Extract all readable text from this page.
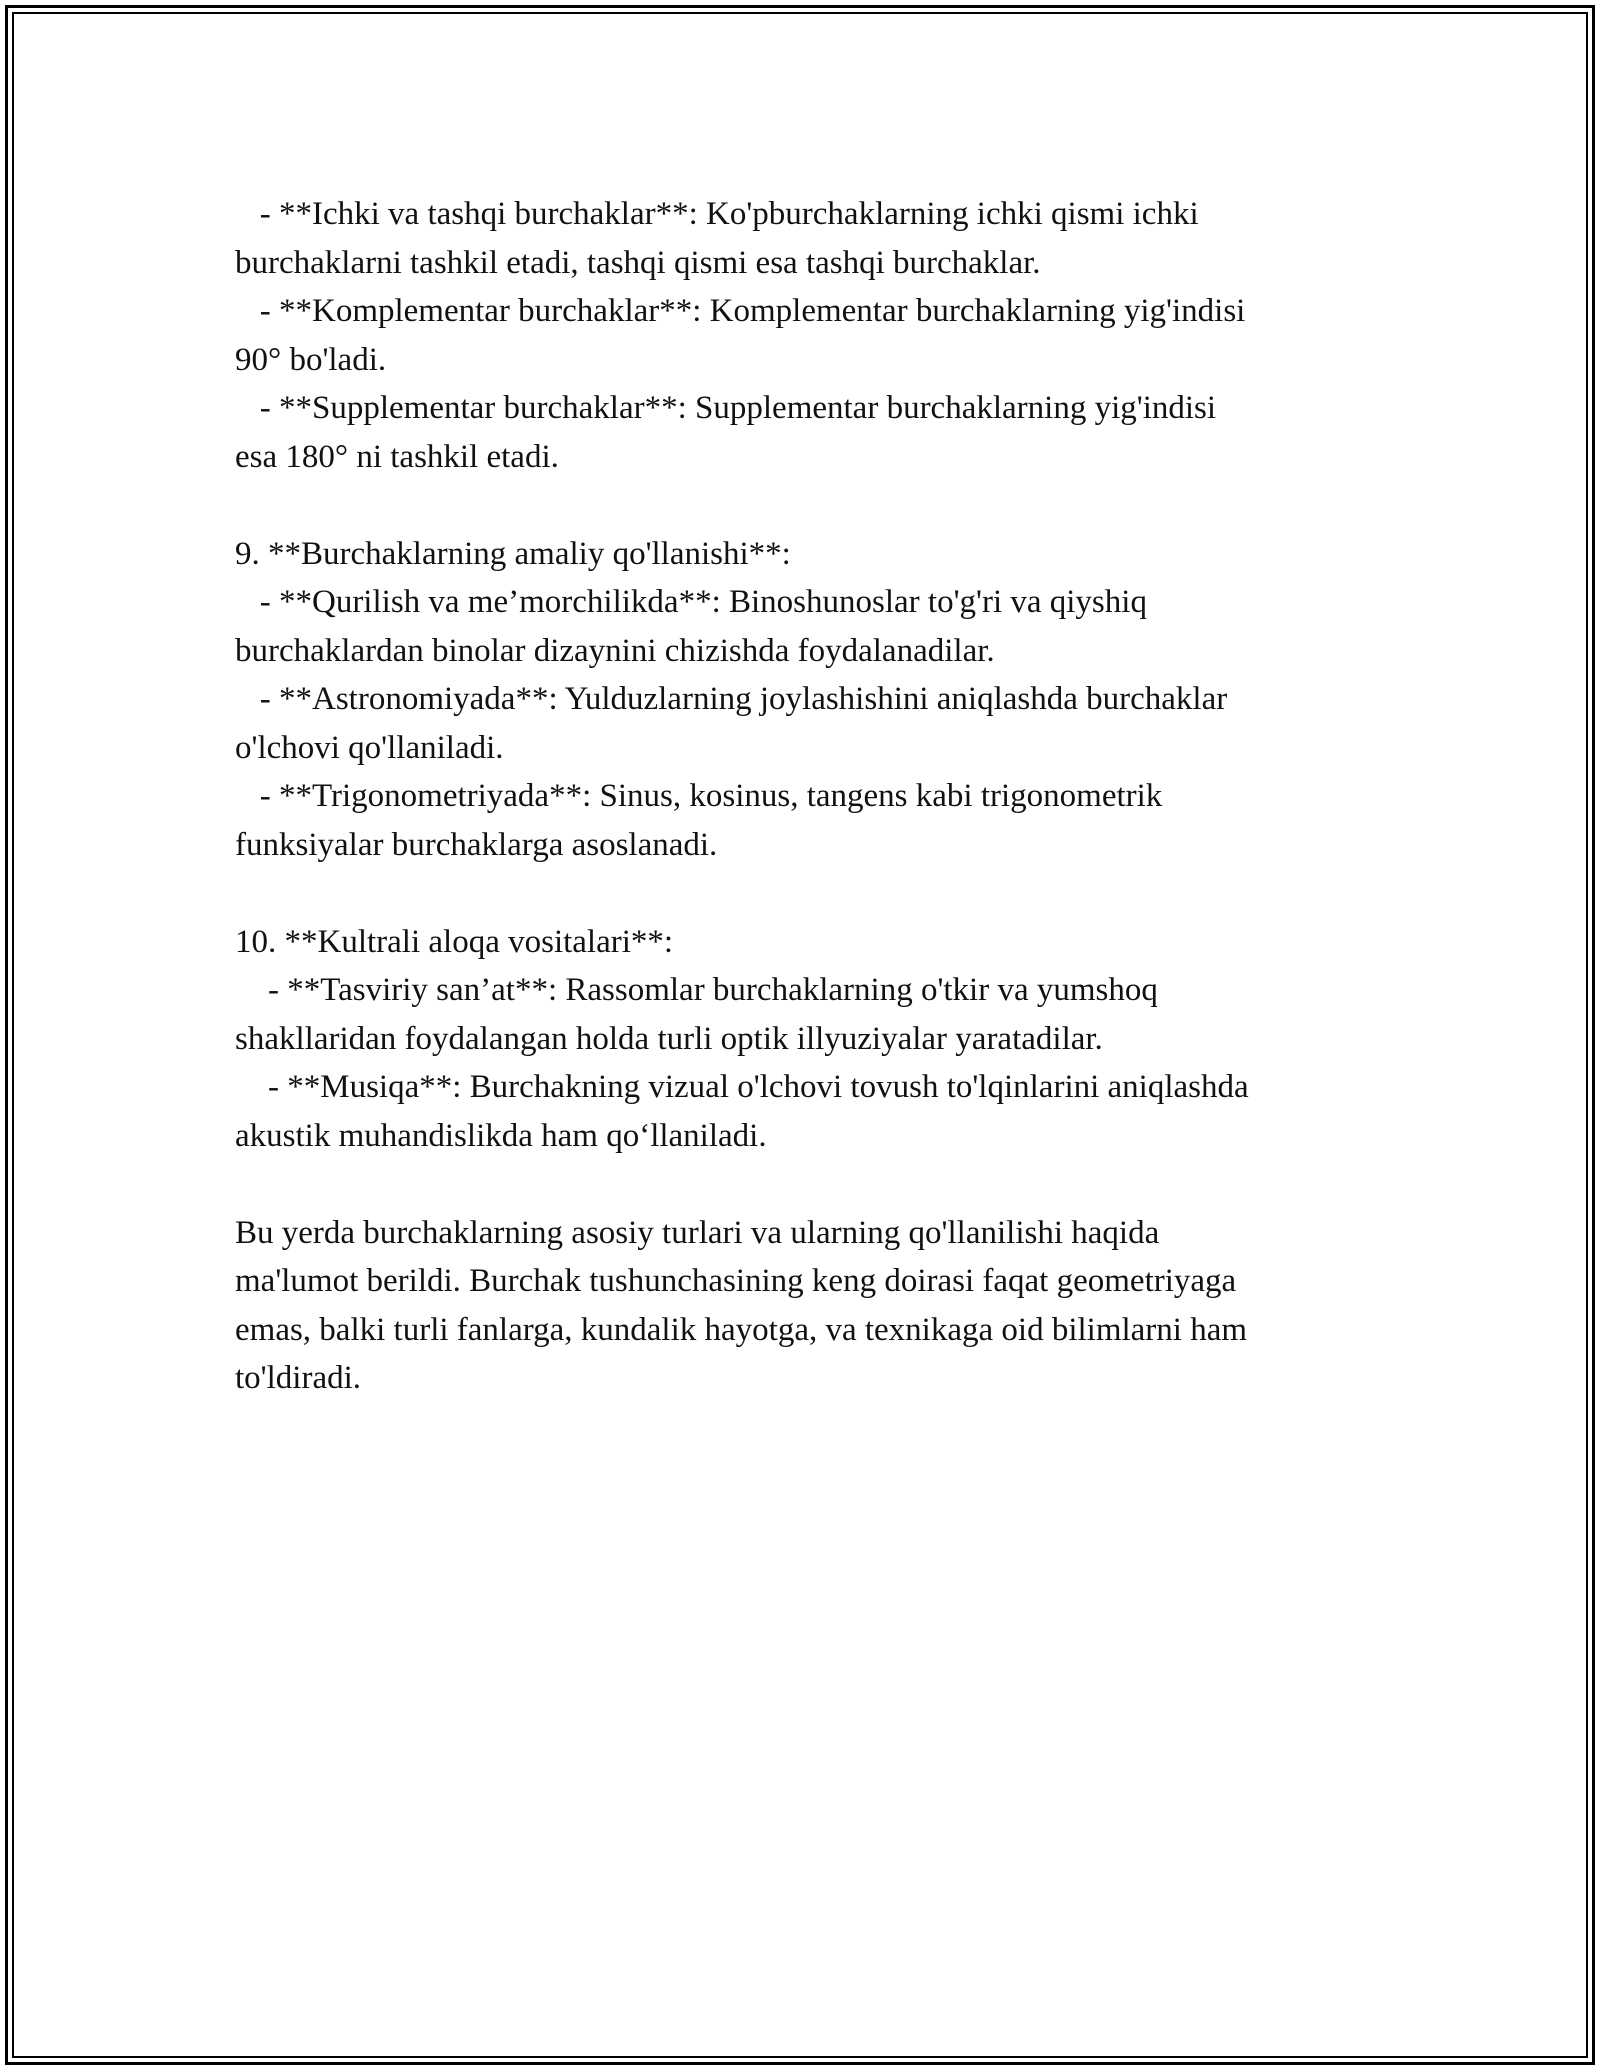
- **Ichki va tashqi burchaklar**: Ko'pburchaklarning ichki qismi ichki
burchaklarni tashkil etadi, tashqi qismi esa tashqi burchaklar.
- **Komplementar burchaklar**: Komplementar burchaklarning yig'indisi
90° bo'ladi.
- **Supplementar burchaklar**: Supplementar burchaklarning yig'indisi
esa 180° ni tashkil etadi.
9. **Burchaklarning amaliy qo'llanishi**:
- **Qurilish va me’morchilikda**: Binoshunoslar to'g'ri va qiyshiq
burchaklardan binolar dizaynini chizishda foydalanadilar.
- **Astronomiyada**: Yulduzlarning joylashishini aniqlashda burchaklar
o'lchovi qo'llaniladi.
- **Trigonometriyada**: Sinus, kosinus, tangens kabi trigonometrik
funksiyalar burchaklarga asoslanadi.
10. **Kultrali aloqa vositalari**:
- **Tasviriy san’at**: Rassomlar burchaklarning o'tkir va yumshoq
shakllaridan foydalangan holda turli optik illyuziyalar yaratadilar.
- **Musiqa**: Burchakning vizual o'lchovi tovush to'lqinlarini aniqlashda
akustik muhandislikda ham qo‘llaniladi.
Bu yerda burchaklarning asosiy turlari va ularning qo'llanilishi haqida
ma'lumot berildi. Burchak tushunchasining keng doirasi faqat geometriyaga
emas, balki turli fanlarga, kundalik hayotga, va texnikaga oid bilimlarni ham
to'ldiradi.
